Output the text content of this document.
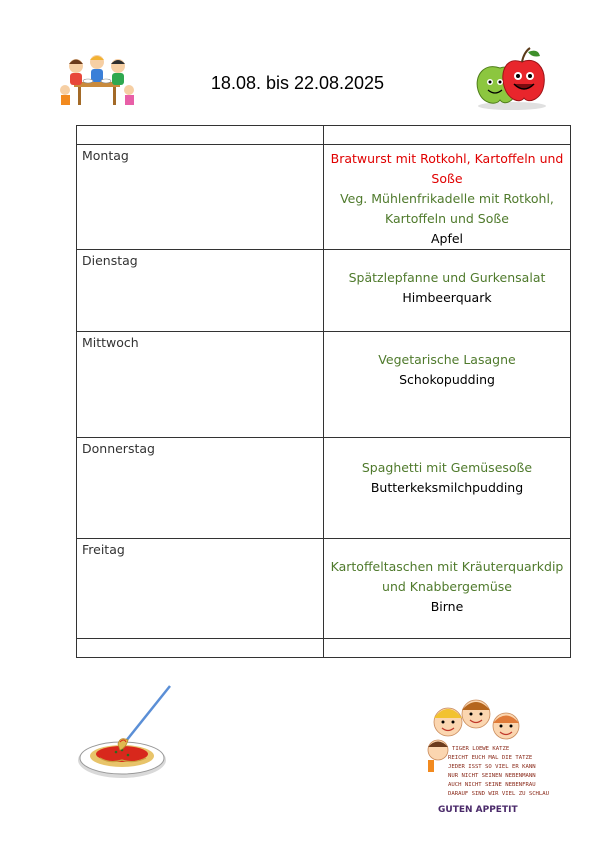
18.08. bis 22.08.2025

Montag	Bratwurst mit Rotkohl, Kartoffeln und Soße
Veg. Mühlenfrikadelle mit Rotkohl, Kartoffeln und Soße
Apfel

Dienstag	Spätzlepfanne und Gurkensalat
Himbeerquark

Mittwoch	Vegetarische Lasagne
Schokopudding

Donnerstag	Spaghetti mit Gemüsesoße
Butterkeksmilchpudding

Freitag	Kartoffeltaschen mit Kräuterquarkdip und Knabbergemüse
Birne

TIGER LOEWE KATZE
REICHT EUCH MAL DIE TATZE
JEDER ISST SO VIEL ER KANN
NUR NICHT SEINEN NEBENMANN
AUCH NICHT SEINE NEBENFRAU
DARAUF SIND WIR VIEL ZU SCHLAU
GUTEN APPETIT
